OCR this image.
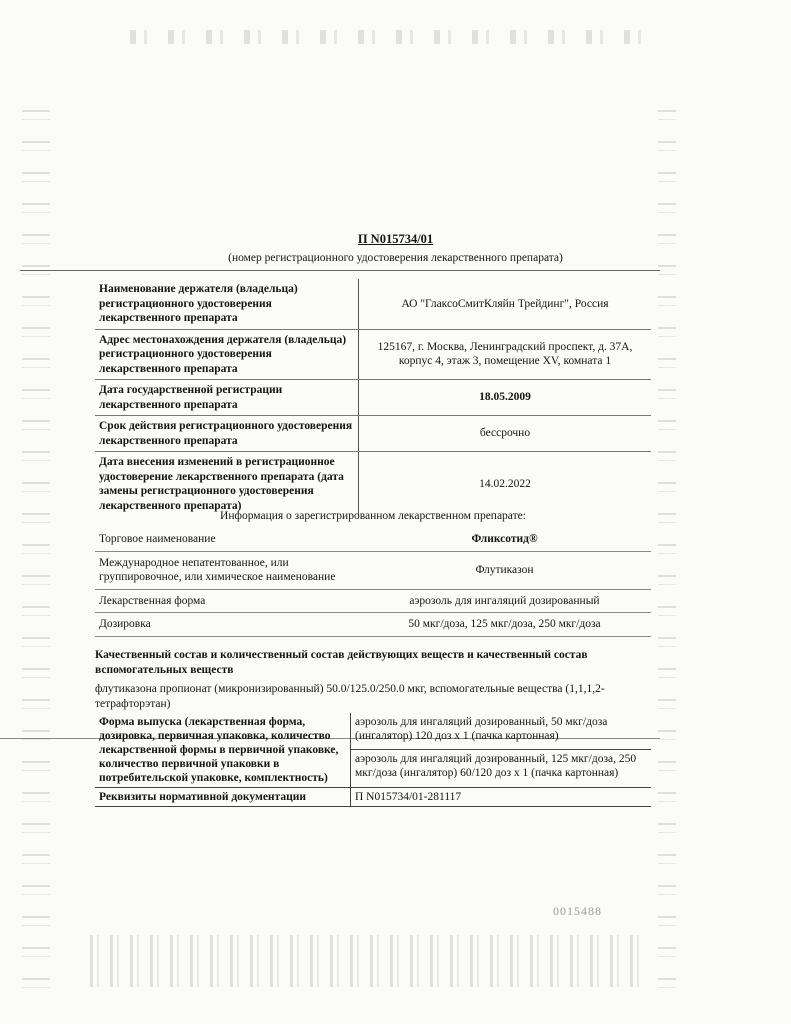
П N015734/01
(номер регистрационного удостоверения лекарственного препарата)
Наименование держателя (владельца) регистрационного удостоверения лекарственного препарата	АО "ГлаксоСмитКляйн Трейдинг", Россия
Адрес местонахождения держателя (владельца) регистрационного удостоверения лекарственного препарата	125167, г. Москва, Ленинградский проспект, д. 37А, корпус 4, этаж 3, помещение XV, комната 1
Дата государственной регистрации лекарственного препарата	18.05.2009
Срок действия регистрационного удостоверения лекарственного препарата	бессрочно
Дата внесения изменений в регистрационное удостоверение лекарственного препарата (дата замены регистрационного удостоверения лекарственного препарата)	14.02.2022
Информация о зарегистрированном лекарственном препарате:
Торговое наименование	Фликсотид®
Международное непатентованное, или группировочное, или химическое наименование	Флутиказон
Лекарственная форма	аэрозоль для ингаляций дозированный
Дозировка	50 мкг/доза, 125 мкг/доза, 250 мкг/доза
Качественный состав и количественный состав действующих веществ и качественный состав вспомогательных веществ
флутиказона пропионат (микронизированный) 50.0/125.0/250.0 мкг, вспомогательные вещества (1,1,1,2-тетрафторэтан)
Форма выпуска (лекарственная форма, дозировка, первичная упаковка, количество лекарственной формы в первичной упаковке, количество первичной упаковки в потребительской упаковке, комплектность)	аэрозоль для ингаляций дозированный, 50 мкг/доза (ингалятор) 120 доз х 1 (пачка картонная)
	аэрозоль для ингаляций дозированный, 125 мкг/доза, 250 мкг/доза (ингалятор) 60/120 доз х 1 (пачка картонная)
Реквизиты нормативной документации	П N015734/01-281117
0015488
